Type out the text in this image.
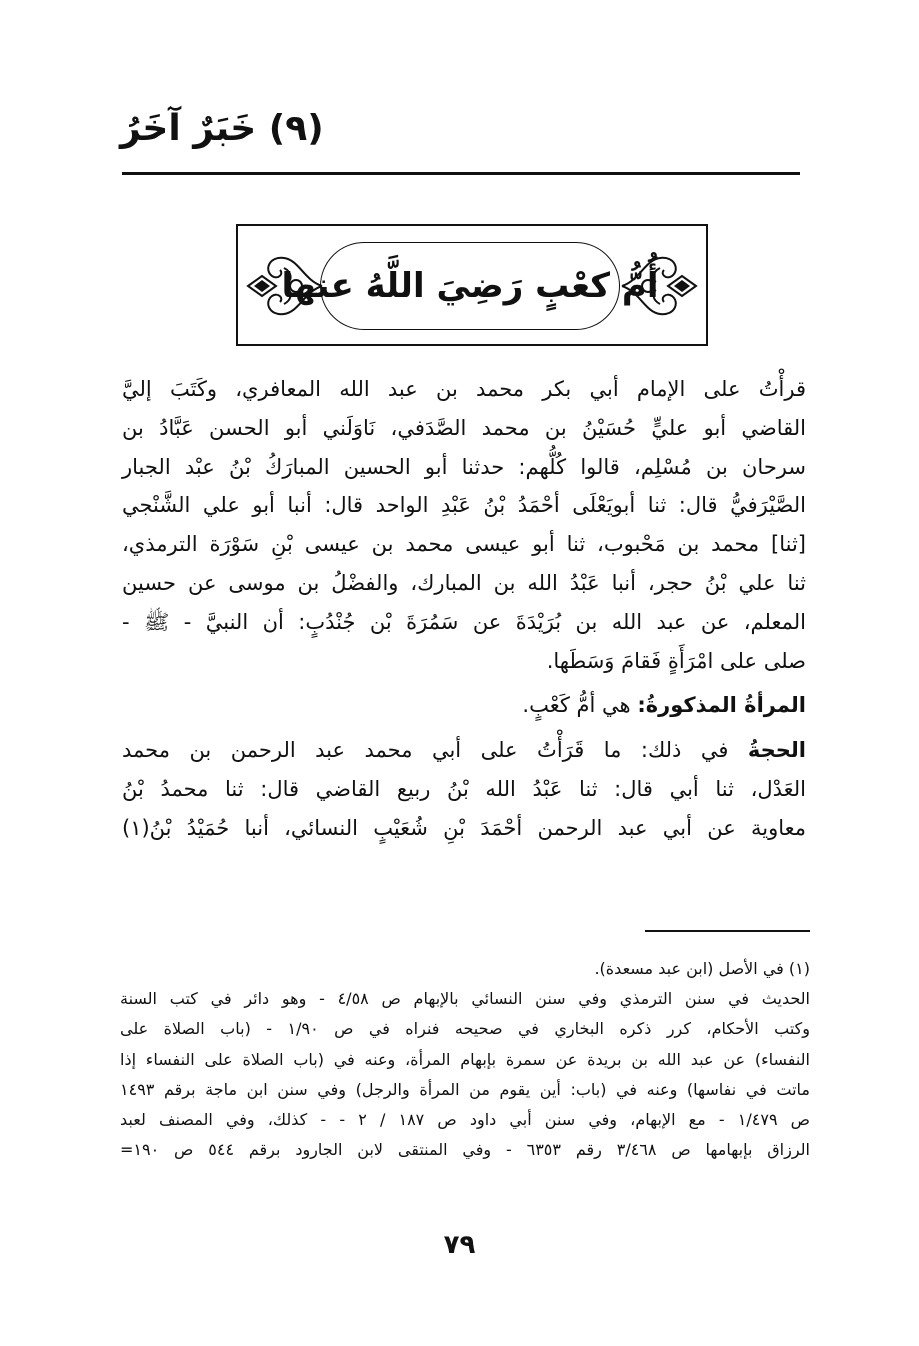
(٩) خَبَرٌ آخَرُ
أُمُّ كعْبٍ رَضِيَ اللَّهُ عنها

قرأْتُ على الإمام أبي بكر محمد بن عبد الله المعافري، وكَتَبَ إليَّ
القاضي أبو عليٍّ حُسَيْنُ بن محمد الصَّدَفي، نَاوَلَني أبو الحسن عَبَّادُ بن
سرحان بن مُسْلِم، قالوا كُلُّهم: حدثنا أبو الحسين المبارَكُ بْنُ عبْد الجبار
الصَّيْرَفيُّ قال: ثنا أبويَعْلَى أحْمَدُ بْنُ عَبْدِ الواحد قال: أنبا أبو علي الشَّنْجي
[ثنا] محمد بن مَحْبوب، ثنا أبو عيسى محمد بن عيسى بْنِ سَوْرَة الترمذي،
ثنا علي بْنُ حجر، أنبا عَبْدُ الله بن المبارك، والفضْلُ بن موسى عن حسين
المعلم، عن عبد الله بن بُرَيْدَةَ عن سَمُرَةَ بْن جُنْدُبٍ: أن النبيَّ - ﷺ -
صلى على امْرَأَةٍ فَقامَ وَسَطَها.

المرأةُ المذكورةُ: هي أمُّ كَعْبٍ.

الحجةُ في ذلك: ما قَرَأْتُ على أبي محمد عبد الرحمن بن محمد
العَدْل، ثنا أبي قال: ثنا عَبْدُ الله بْنُ ربيع القاضي قال: ثنا محمدُ بْنُ
معاوية عن أبي عبد الرحمن أحْمَدَ بْنِ شُعَيْبٍ النسائي، أنبا حُمَيْدُ بْنُ(١)

(١) في الأصل (ابن عبد مسعدة).
الحديث في سنن الترمذي وفي سنن النسائي بالإبهام ص ٤/٥٨ - وهو دائر في كتب السنة
وكتب الأحكام، كرر ذكره البخاري في صحيحه فنراه في ص ١/٩٠ - (باب الصلاة على
النفساء) عن عبد الله بن بريدة عن سمرة بإبهام المرأة، وعنه في (باب الصلاة على النفساء إذا
ماتت في نفاسها) وعنه في (باب: أين يقوم من المرأة والرجل) وفي سنن ابن ماجة برقم ١٤٩٣
ص ١/٤٧٩ - مع الإبهام، وفي سنن أبي داود ص ١٨٧ / ٢ - - كذلك، وفي المصنف لعبد
الرزاق بإبهامها ص ٣/٤٦٨ رقم ٦٣٥٣ - وفي المنتقى لابن الجارود برقم ٥٤٤ ص ١٩٠=
٧٩
